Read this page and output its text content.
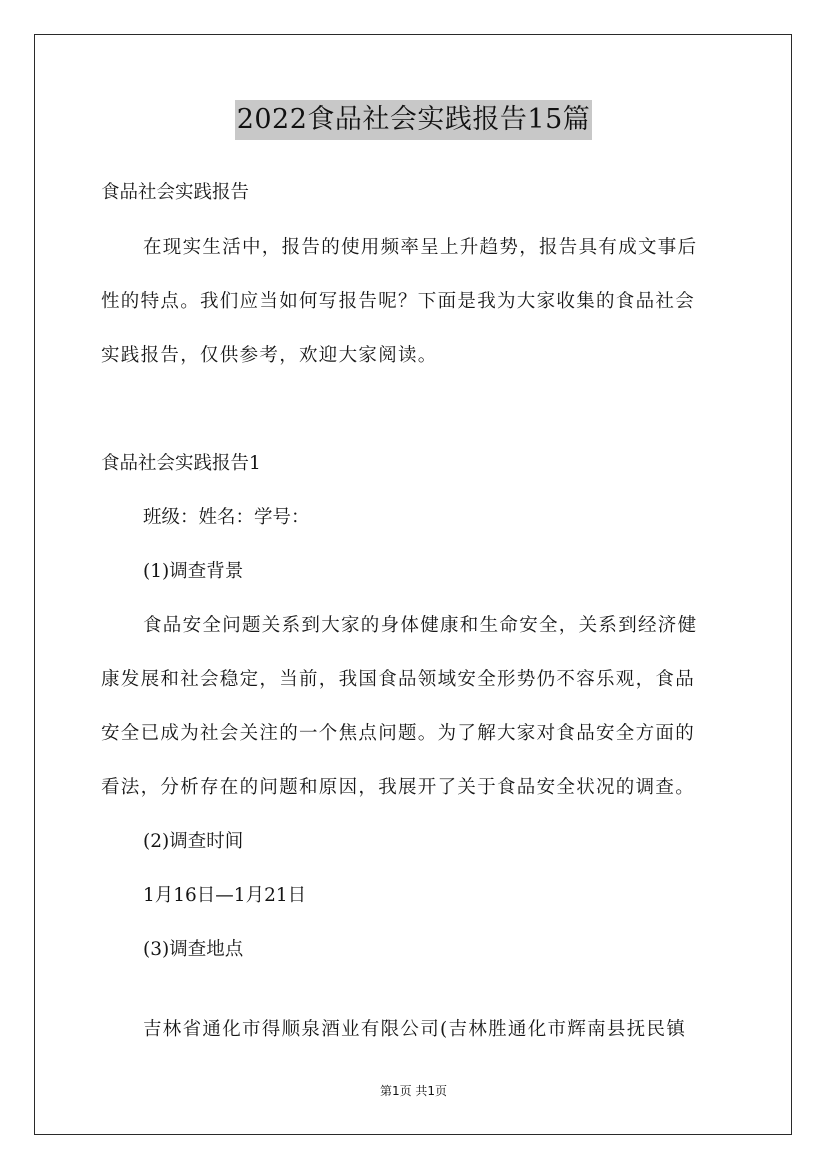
2022食品社会实践报告15篇
食品社会实践报告
在现实生活中，报告的使用频率呈上升趋势，报告具有成文事后
性的特点。我们应当如何写报告呢？下面是我为大家收集的食品社会
实践报告，仅供参考，欢迎大家阅读。
食品社会实践报告1
班级：姓名：学号：
(1)调查背景
食品安全问题关系到大家的身体健康和生命安全，关系到经济健
康发展和社会稳定，当前，我国食品领域安全形势仍不容乐观，食品
安全已成为社会关注的一个焦点问题。为了解大家对食品安全方面的
看法，分析存在的问题和原因，我展开了关于食品安全状况的调查。
(2)调查时间
1月16日—1月21日
(3)调查地点
吉林省通化市得顺泉酒业有限公司(吉林胜通化市辉南县抚民镇
第1页 共1页
